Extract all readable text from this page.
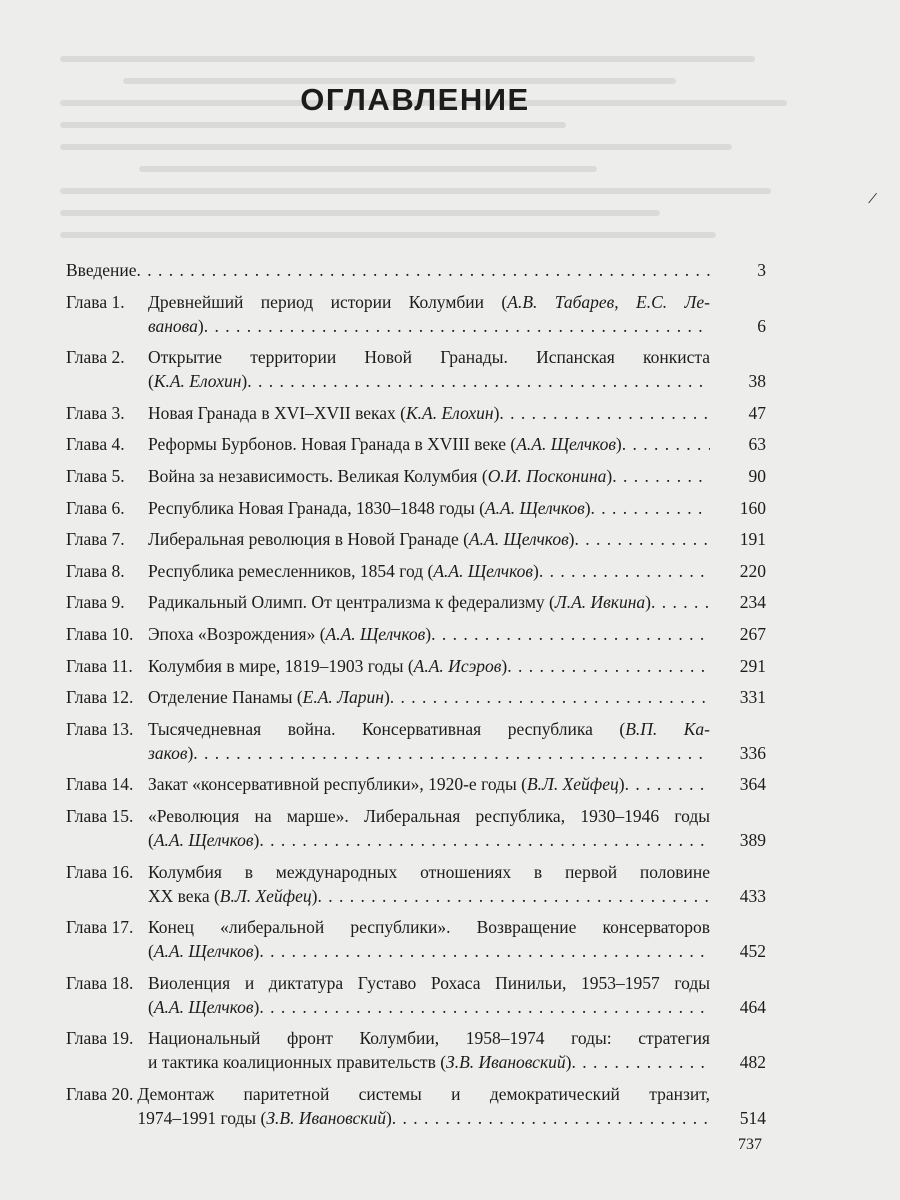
/
ОГЛАВЛЕНИЕ
Введение . . .	3
Глава 1.	Древнейший период истории Колумбии (А.В. Табарев, Е.С. Ле-
ванова) . . .	6
Глава 2.	Открытие территории Новой Гранады. Испанская конкиста
(К.А. Елохин) . . .	38
Глава 3.	Новая Гранада в XVI–XVII веках (К.А. Елохин) . . .	47
Глава 4.	Реформы Бурбонов. Новая Гранада в XVIII веке (А.А. Щелчков) . . .	63
Глава 5.	Война за независимость. Великая Колумбия (О.И. Посконина) . . .	90
Глава 6.	Республика Новая Гранада, 1830–1848 годы (А.А. Щелчков) . . .	160
Глава 7.	Либеральная революция в Новой Гранаде (А.А. Щелчков) . . .	191
Глава 8.	Республика ремесленников, 1854 год (А.А. Щелчков) . . .	220
Глава 9.	Радикальный Олимп. От централизма к федерализму (Л.А. Ивкина) . . .	234
Глава 10. Эпоха «Возрождения» (А.А. Щелчков) . . .	267
Глава 11. Колумбия в мире, 1819–1903 годы (А.А. Исэров) . . .	291
Глава 12. Отделение Панамы (Е.А. Ларин) . . .	331
Глава 13. Тысячедневная война. Консервативная республика (В.П. Ка-
заков) . . .	336
Глава 14. Закат «консервативной республики», 1920-е годы (В.Л. Хейфец) . . .	364
Глава 15. «Революция на марше». Либеральная республика, 1930–1946 годы
(А.А. Щелчков) . . .	389
Глава 16. Колумбия в международных отношениях в первой половине
XX века (В.Л. Хейфец) . . .	433
Глава 17. Конец «либеральной республики». Возвращение консерваторов
(А.А. Щелчков) . . .	452
Глава 18. Виоленция и диктатура Густаво Рохаса Пинильи, 1953–1957 годы
(А.А. Щелчков) . . .	464
Глава 19. Национальный фронт Колумбии, 1958–1974 годы: стратегия
и тактика коалиционных правительств (З.В. Ивановский) . . .	482
Глава 20. Демонтаж паритетной системы и демократический транзит,
1974–1991 годы (З.В. Ивановский) . . .	514
737
